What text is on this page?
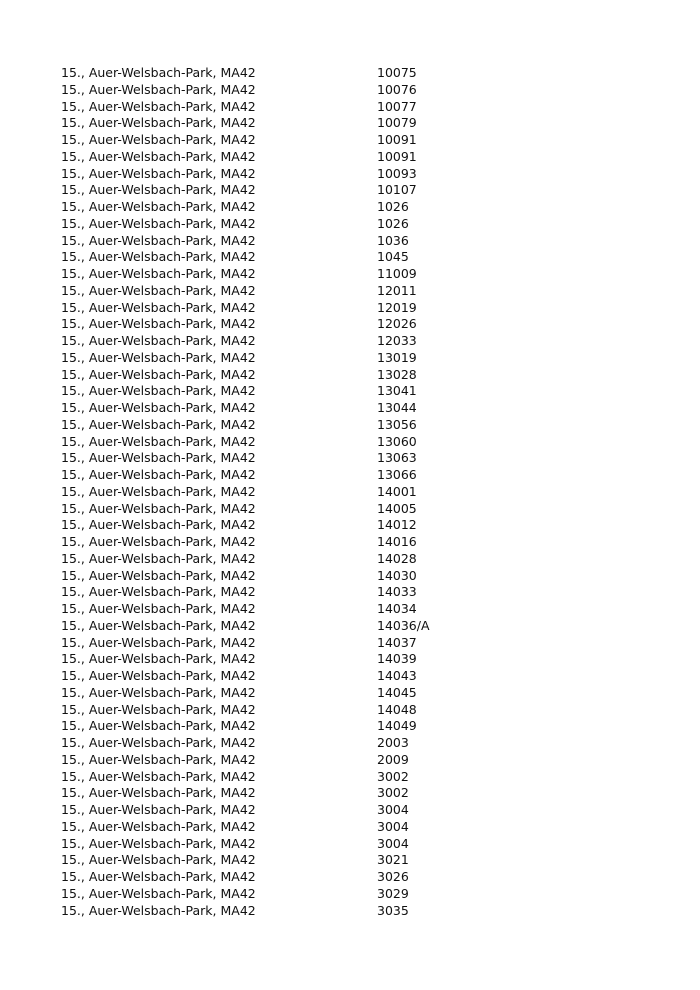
15., Auer-Welsbach-Park, MA42	10075
15., Auer-Welsbach-Park, MA42	10076
15., Auer-Welsbach-Park, MA42	10077
15., Auer-Welsbach-Park, MA42	10079
15., Auer-Welsbach-Park, MA42	10091
15., Auer-Welsbach-Park, MA42	10091
15., Auer-Welsbach-Park, MA42	10093
15., Auer-Welsbach-Park, MA42	10107
15., Auer-Welsbach-Park, MA42	1026
15., Auer-Welsbach-Park, MA42	1026
15., Auer-Welsbach-Park, MA42	1036
15., Auer-Welsbach-Park, MA42	1045
15., Auer-Welsbach-Park, MA42	11009
15., Auer-Welsbach-Park, MA42	12011
15., Auer-Welsbach-Park, MA42	12019
15., Auer-Welsbach-Park, MA42	12026
15., Auer-Welsbach-Park, MA42	12033
15., Auer-Welsbach-Park, MA42	13019
15., Auer-Welsbach-Park, MA42	13028
15., Auer-Welsbach-Park, MA42	13041
15., Auer-Welsbach-Park, MA42	13044
15., Auer-Welsbach-Park, MA42	13056
15., Auer-Welsbach-Park, MA42	13060
15., Auer-Welsbach-Park, MA42	13063
15., Auer-Welsbach-Park, MA42	13066
15., Auer-Welsbach-Park, MA42	14001
15., Auer-Welsbach-Park, MA42	14005
15., Auer-Welsbach-Park, MA42	14012
15., Auer-Welsbach-Park, MA42	14016
15., Auer-Welsbach-Park, MA42	14028
15., Auer-Welsbach-Park, MA42	14030
15., Auer-Welsbach-Park, MA42	14033
15., Auer-Welsbach-Park, MA42	14034
15., Auer-Welsbach-Park, MA42	14036/A
15., Auer-Welsbach-Park, MA42	14037
15., Auer-Welsbach-Park, MA42	14039
15., Auer-Welsbach-Park, MA42	14043
15., Auer-Welsbach-Park, MA42	14045
15., Auer-Welsbach-Park, MA42	14048
15., Auer-Welsbach-Park, MA42	14049
15., Auer-Welsbach-Park, MA42	2003
15., Auer-Welsbach-Park, MA42	2009
15., Auer-Welsbach-Park, MA42	3002
15., Auer-Welsbach-Park, MA42	3002
15., Auer-Welsbach-Park, MA42	3004
15., Auer-Welsbach-Park, MA42	3004
15., Auer-Welsbach-Park, MA42	3004
15., Auer-Welsbach-Park, MA42	3021
15., Auer-Welsbach-Park, MA42	3026
15., Auer-Welsbach-Park, MA42	3029
15., Auer-Welsbach-Park, MA42	3035
